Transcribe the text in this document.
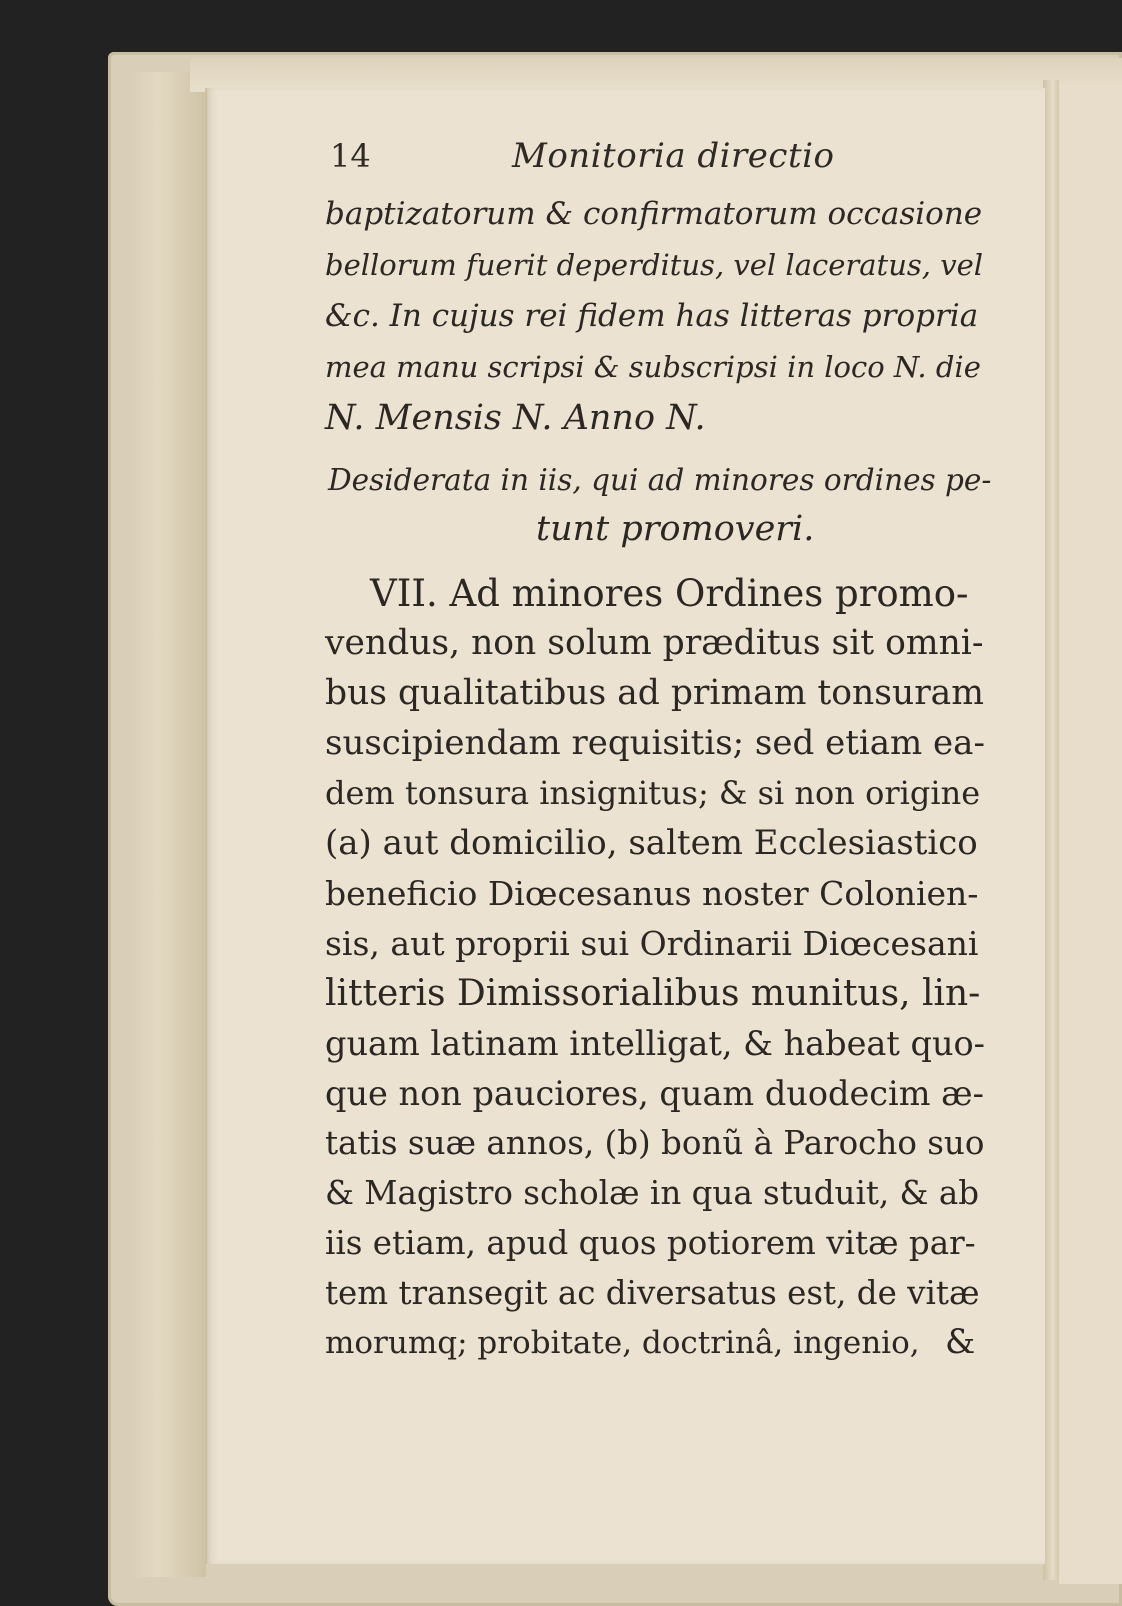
14	Monitoria directio
baptizatorum & confirmatorum occasione
bellorum fuerit deperditus, vel laceratus, vel
&c. In cujus rei fidem has litteras propria
mea manu scripsi & subscripsi in loco N. die
N. Mensis N. Anno N.
Desiderata in iis, qui ad minores ordines pe-
tunt promoveri.
VII. Ad minores Ordines promo-
vendus, non solum præditus sit omni-
bus qualitatibus ad primam tonsuram
suscipiendam requisitis; sed etiam ea-
dem tonsura insignitus; & si non origine
(a) aut domicilio, saltem Ecclesiastico
beneficio Diœcesanus noster Colonien-
sis, aut proprii sui Ordinarii Diœcesani
litteris Dimissorialibus munitus, lin-
guam latinam intelligat, & habeat quo-
que non pauciores, quam duodecim æ-
tatis suæ annos, (b) bonũ à Parocho suo
& Magistro scholæ in qua studuit, & ab
iis etiam, apud quos potiorem vitæ par-
tem transegit ac diversatus est, de vitæ
morumq; probitate, doctrinâ, ingenio, &
